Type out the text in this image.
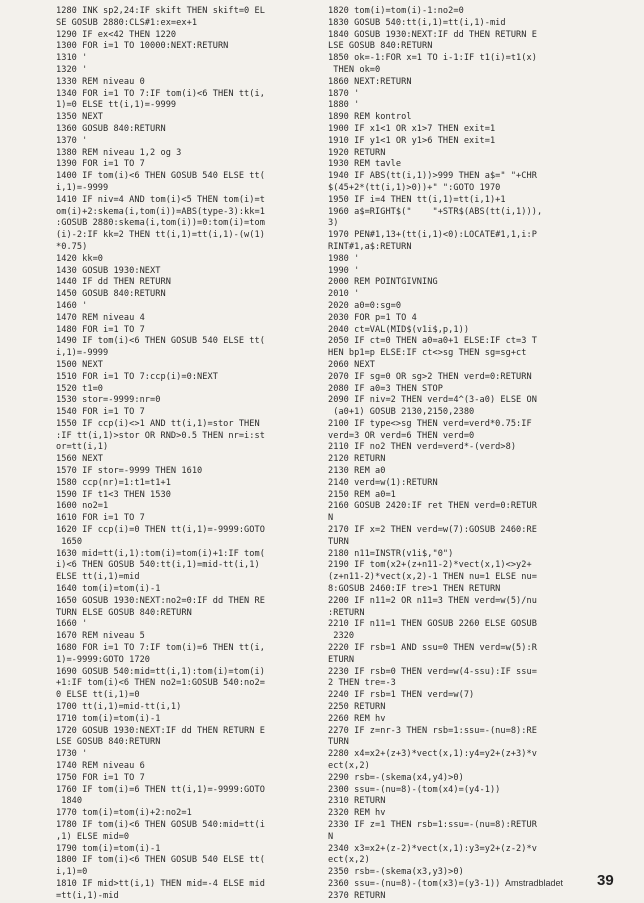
1280 INK sp2,24:IF skift THEN skift=0 EL
SE GOSUB 2880:CLS#1:ex=ex+1
1290 IF ex<42 THEN 1220
1300 FOR i=1 TO 10000:NEXT:RETURN
1310 '
1320 '
1330 REM niveau 0
1340 FOR i=1 TO 7:IF tom(i)<6 THEN tt(i,
1)=0 ELSE tt(i,1)=-9999
1350 NEXT
1360 GOSUB 840:RETURN
1370 '
1380 REM niveau 1,2 og 3
1390 FOR i=1 TO 7
1400 IF tom(i)<6 THEN GOSUB 540 ELSE tt(
i,1)=-9999
1410 IF niv=4 AND tom(i)<5 THEN tom(i)=t
om(i)+2:skema(i,tom(i))=ABS(type-3):kk=1
:GOSUB 2880:skema(i,tom(i))=0:tom(i)=tom
(i)-2:IF kk=2 THEN tt(i,1)=tt(i,1)-(w(1)
*0.75)
1420 kk=0
1430 GOSUB 1930:NEXT
1440 IF dd THEN RETURN
1450 GOSUB 840:RETURN
1460 '
1470 REM niveau 4
1480 FOR i=1 TO 7
1490 IF tom(i)<6 THEN GOSUB 540 ELSE tt(
i,1)=-9999
1500 NEXT
1510 FOR i=1 TO 7:ccp(i)=0:NEXT
1520 t1=0
1530 stor=-9999:nr=0
1540 FOR i=1 TO 7
1550 IF ccp(i)<>1 AND tt(i,1)=stor THEN
:IF tt(i,1)>stor OR RND>0.5 THEN nr=i:st
or=tt(i,1)
1560 NEXT
1570 IF stor=-9999 THEN 1610
1580 ccp(nr)=1:t1=t1+1
1590 IF t1<3 THEN 1530
1600 no2=1
1610 FOR i=1 TO 7
1620 IF ccp(i)=0 THEN tt(i,1)=-9999:GOTO
1650
1630 mid=tt(i,1):tom(i)=tom(i)+1:IF tom(
i)<6 THEN GOSUB 540:tt(i,1)=mid-tt(i,1)
ELSE tt(i,1)=mid
1640 tom(i)=tom(i)-1
1650 GOSUB 1930:NEXT:no2=0:IF dd THEN RE
TURN ELSE GOSUB 840:RETURN
1660 '
1670 REM niveau 5
1680 FOR i=1 TO 7:IF tom(i)=6 THEN tt(i,
1)=-9999:GOTO 1720
1690 GOSUB 540:mid=tt(i,1):tom(i)=tom(i)
+1:IF tom(i)<6 THEN no2=1:GOSUB 540:no2=
0 ELSE tt(i,1)=0
1700 tt(i,1)=mid-tt(i,1)
1710 tom(i)=tom(i)-1
1720 GOSUB 1930:NEXT:IF dd THEN RETURN E
LSE GOSUB 840:RETURN
1730 '
1740 REM niveau 6
1750 FOR i=1 TO 7
1760 IF tom(i)=6 THEN tt(i,1)=-9999:GOTO
1840
1770 tom(i)=tom(i)+2:no2=1
1780 IF tom(i)<6 THEN GOSUB 540:mid=tt(i
,1) ELSE mid=0
1790 tom(i)=tom(i)-1
1800 IF tom(i)<6 THEN GOSUB 540 ELSE tt(
i,1)=0
1810 IF mid>tt(i,1) THEN mid=-4 ELSE mid
=tt(i,1)-mid
1820 tom(i)=tom(i)-1:no2=0
1830 GOSUB 540:tt(i,1)=tt(i,1)-mid
1840 GOSUB 1930:NEXT:IF dd THEN RETURN E
LSE GOSUB 840:RETURN
1850 ok=-1:FOR x=1 TO i-1:IF t1(i)=t1(x)
THEN ok=0
1860 NEXT:RETURN
1870 '
1880 '
1890 REM kontrol
1900 IF x1<1 OR x1>7 THEN exit=1
1910 IF y1<1 OR y1>6 THEN exit=1
1920 RETURN
1930 REM tavle
1940 IF ABS(tt(i,1))>999 THEN a$=" "+CHR
$(45+2*(tt(i,1)>0))+" ":GOTO 1970
1950 IF i=4 THEN tt(i,1)=tt(i,1)+1
1960 a$=RIGHT$("    "+STR$(ABS(tt(i,1))),
3)
1970 PEN#1,13+(tt(i,1)<0):LOCATE#1,1,i:P
RINT#1,a$:RETURN
1980 '
1990 '
2000 REM POINTGIVNING
2010 '
2020 a0=0:sg=0
2030 FOR p=1 TO 4
2040 ct=VAL(MID$(v1i$,p,1))
2050 IF ct=0 THEN a0=a0+1 ELSE:IF ct=3 T
HEN bp1=p ELSE:IF ct<>sg THEN sg=sg+ct
2060 NEXT
2070 IF sg=0 OR sg>2 THEN verd=0:RETURN
2080 IF a0=3 THEN STOP
2090 IF niv=2 THEN verd=4^(3-a0) ELSE ON
(a0+1) GOSUB 2130,2150,2380
2100 IF type<>sg THEN verd=verd*0.75:IF
verd=3 OR verd=6 THEN verd=0
2110 IF no2 THEN verd=verd*-(verd>8)
2120 RETURN
2130 REM a0
2140 verd=w(1):RETURN
2150 REM a0=1
2160 GOSUB 2420:IF ret THEN verd=0:RETUR
N
2170 IF x=2 THEN verd=w(7):GOSUB 2460:RE
TURN
2180 n11=INSTR(v1i$,"0")
2190 IF tom(x2+(z+n11-2)*vect(x,1)<>y2+
(z+n11-2)*vect(x,2)-1 THEN nu=1 ELSE nu=
8:GOSUB 2460:IF tre>1 THEN RETURN
2200 IF n11=2 OR n11=3 THEN verd=w(5)/nu
:RETURN
2210 IF n11=1 THEN GOSUB 2260 ELSE GOSUB
2320
2220 IF rsb=1 AND ssu=0 THEN verd=w(5):R
ETURN
2230 IF rsb=0 THEN verd=w(4-ssu):IF ssu=
2 THEN tre=-3
2240 IF rsb=1 THEN verd=w(7)
2250 RETURN
2260 REM hv
2270 IF z=nr-3 THEN rsb=1:ssu=-(nu=8):RE
TURN
2280 x4=x2+(z+3)*vect(x,1):y4=y2+(z+3)*v
ect(x,2)
2290 rsb=-(skema(x4,y4)>0)
2300 ssu=-(nu=8)-(tom(x4)=(y4-1))
2310 RETURN
2320 REM hv
2330 IF z=1 THEN rsb=1:ssu=-(nu=8):RETUR
N
2340 x3=x2+(z-2)*vect(x,1):y3=y2+(z-2)*v
ect(x,2)
2350 rsb=-(skema(x3,y3)>0)
2360 ssu=-(nu=8)-(tom(x3)=(y3-1))
2370 RETURN
Amstradbladet 39
